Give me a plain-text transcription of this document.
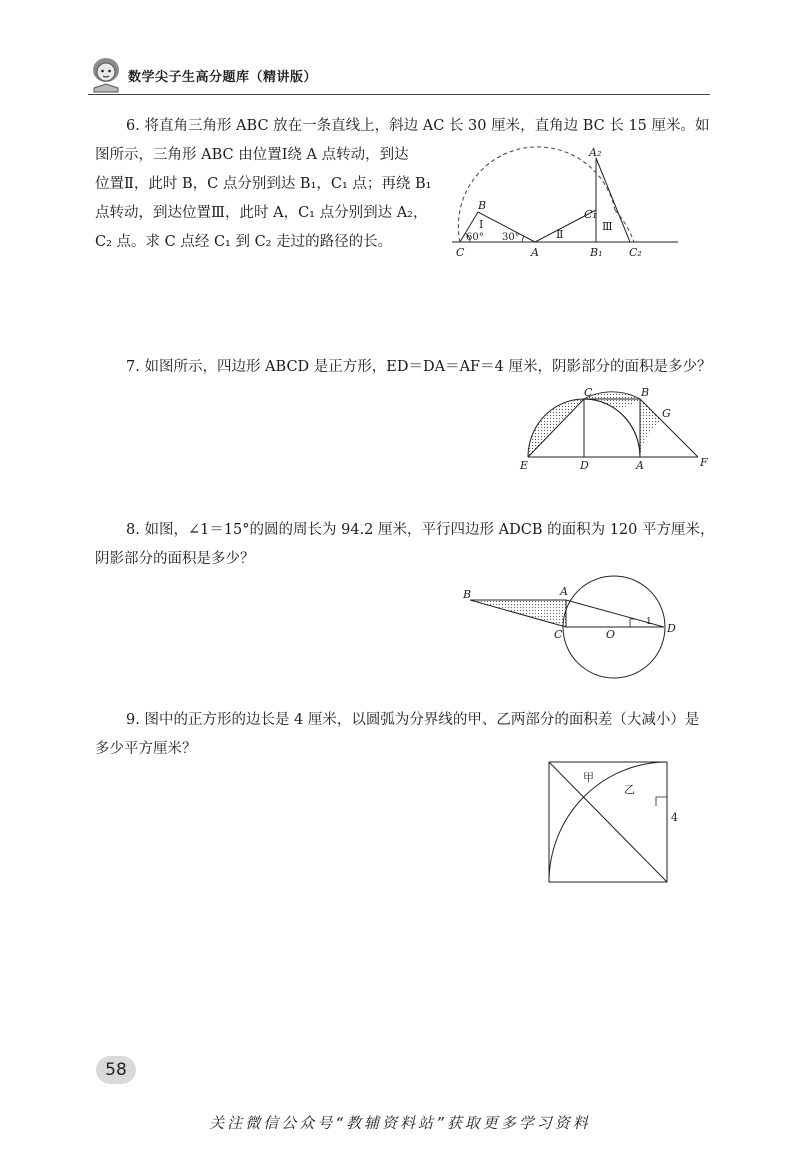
数学尖子生高分题库（精讲版）
6. 将直角三角形 ABC 放在一条直线上，斜边 AC 长 30 厘米，直角边 BC 长 15 厘米。如
图所示，三角形 ABC 由位置Ⅰ绕 A 点转动，到达
位置Ⅱ，此时 B，C 点分别到达 B₁，C₁ 点；再绕 B₁
点转动，到达位置Ⅲ，此时 A，C₁ 点分别到达 A₂，
C₂ 点。求 C 点经 C₁ 到 C₂ 走过的路径的长。
A₂
B
C₁
Ⅰ
Ⅱ
Ⅲ
60° 30°
C	A	B₁ C₂
7. 如图所示，四边形 ABCD 是正方形，ED＝DA＝AF＝4 厘米，阴影部分的面积是多少？
C	B
G
E	D	A	F
8. 如图，∠1＝15°的圆的周长为 94.2 厘米，平行四边形 ADCB 的面积为 120 平方厘米，
阴影部分的面积是多少？
B	A
1
C	O	D
9. 图中的正方形的边长是 4 厘米，以圆弧为分界线的甲、乙两部分的面积差（大减小）是
多少平方厘米？
甲
乙
4
58
关注微信公众号“教辅资料站”获取更多学习资料
